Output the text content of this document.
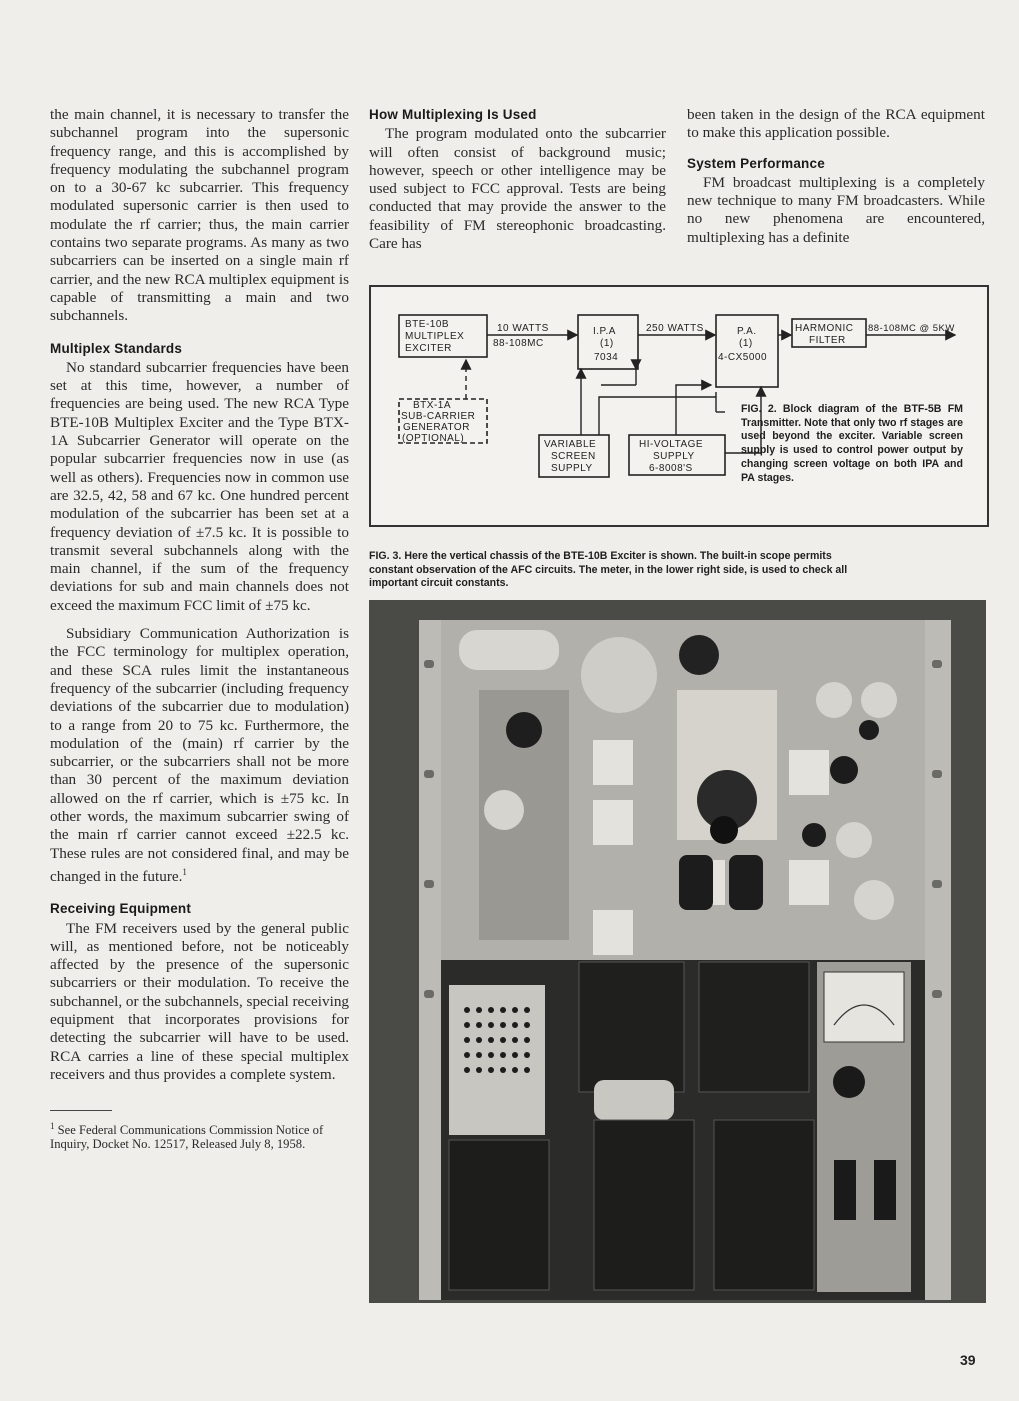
the main channel, it is necessary to transfer the subchannel program into the supersonic frequency range, and this is accomplished by frequency modulating the subchannel program on to a 30-67 kc subcarrier. This frequency modulated supersonic carrier is then used to modulate the rf carrier; thus, the main carrier contains two separate programs. As many as two subcarriers can be inserted on a single main rf carrier, and the new RCA multiplex equipment is capable of transmitting a main and two subchannels.

Multiplex Standards

No standard subcarrier frequencies have been set at this time, however, a number of frequencies are being used. The new RCA Type BTE-10B Multiplex Exciter and the Type BTX-1A Subcarrier Generator will operate on the popular subcarrier frequencies now in use (as well as others). Frequencies now in common use are 32.5, 42, 58 and 67 kc. One hundred percent modulation of the subcarrier has been set at a frequency deviation of ±7.5 kc. It is possible to transmit several subchannels along with the main channel, if the sum of the frequency deviations for sub and main channels does not exceed the maximum FCC limit of ±75 kc.

Subsidiary Communication Authorization is the FCC terminology for multiplex operation, and these SCA rules limit the instantaneous frequency of the subcarrier (including frequency deviations of the subcarrier due to modulation) to a range from 20 to 75 kc. Furthermore, the modulation of the (main) rf carrier by the subcarrier, or the subcarriers shall not be more than 30 percent of the maximum deviation allowed on the rf carrier, which is ±75 kc. In other words, the maximum subcarrier swing of the main rf carrier cannot exceed ±22.5 kc. These rules are not considered final, and may be changed in the future.$^1$

Receiving Equipment

The FM receivers used by the general public will, as mentioned before, not be noticeably affected by the presence of the supersonic subcarriers or their modulation. To receive the subchannel, or the subchannels, special receiving equipment that incorporates provisions for detecting the subcarrier will have to be used. RCA carries a line of these special multiplex receivers and thus provides a complete system.

$^1$ See Federal Communications Commission Notice of Inquiry, Docket No. 12517, Released July 8, 1958.

How Multiplexing Is Used

The program modulated onto the subcarrier will often consist of background music; however, speech or other intelligence may be used subject to FCC approval. Tests are being conducted that may provide the answer to the feasibility of FM stereophonic broadcasting. Care has

been taken in the design of the RCA equipment to make this application possible.

System Performance

FM broadcast multiplexing is a completely new technique to many FM broadcasters. While no new phenomena are encountered, multiplexing has a definite

BTE-10B
MULTIPLEX
EXCITER
10 WATTS
88-108MC
I.P.A
(1)
7034
250 WATTS	P.A.
(1)
4-CX5000
HARMONIC
FILTER
88-108MC @ 5KW
BTX-1A
SUB-CARRIER
GENERATOR
(OPTIONAL)
VARIABLE
SCREEN
SUPPLY
HI-VOLTAGE
SUPPLY
6-8008'S
FIG. 2. Block diagram of the BTF-5B FM Transmitter. Note that only two rf stages are used beyond the exciter. Variable screen supply is used to control power output by changing screen voltage on both IPA and PA stages.
FIG. 3. Here the vertical chassis of the BTE-10B Exciter is shown. The built-in scope permits constant observation of the AFC circuits. The meter, in the lower right side, is used to check all important circuit constants.
39
